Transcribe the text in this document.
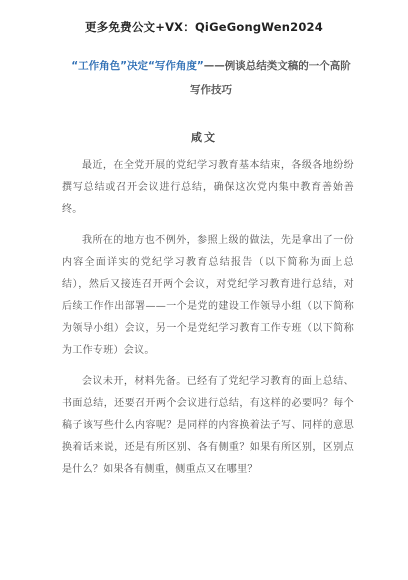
更多免费公文+VX：QiGeGongWen2024
“工作角色”决定“写作角度”——例谈总结类文稿的一个高阶写作技巧
咸文

最近，在全党开展的党纪学习教育基本结束，各级各地纷纷撰写总结或召开会议进行总结，确保这次党内集中教育善始善终。

我所在的地方也不例外，参照上级的做法，先是拿出了一份内容全面详实的党纪学习教育总结报告（以下简称为面上总结），然后又接连召开两个会议，对党纪学习教育进行总结，对后续工作作出部署——一个是党的建设工作领导小组（以下简称为领导小组）会议，另一个是党纪学习教育工作专班（以下简称为工作专班）会议。

会议未开，材料先备。已经有了党纪学习教育的面上总结、书面总结，还要召开两个会议进行总结，有这样的必要吗？每个稿子该写些什么内容呢？是同样的内容换着法子写、同样的意思换着话来说，还是有所区别、各有侧重？如果有所区别，区别点是什么？如果各有侧重，侧重点又在哪里？
